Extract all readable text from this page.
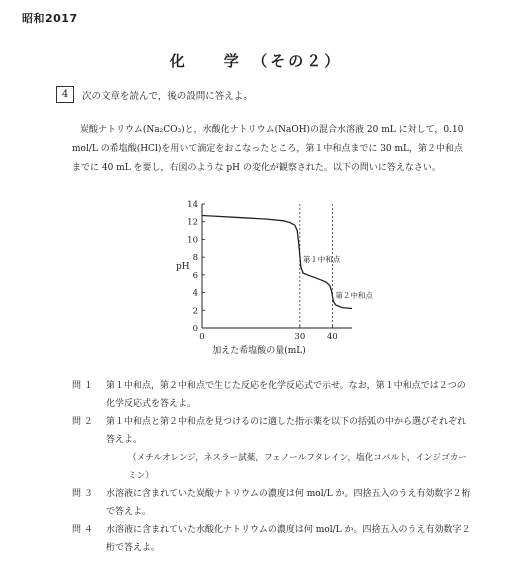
昭和2017
化　　学　（その２）
4	次の文章を読んで，後の設問に答えよ。

炭酸ナトリウム(Na₂CO₃)と，水酸化ナトリウム(NaOH)の混合水溶液 20 mL に対して，0.10 mol/L の希塩酸(HCl)を用いて滴定をおこなったところ，第１中和点までに 30 mL，第２中和点までに 40 mL を要し，右図のような pH の変化が観察された。以下の問いに答えなさい。

0
2
4
6
8
10
12
14
0	30	40
pH
加えた希塩酸の量(mL)
第１中和点
第２中和点
問 １	第１中和点，第２中和点で生じた反応を化学反応式で示せ。なお，第１中和点では２つの化学反応式を答えよ。
問 ２	第１中和点と第２中和点を見つけるのに適した指示薬を以下の括弧の中から選びそれぞれ答えよ。
（メチルオレンジ，ネスラー試薬，フェノールフタレイン，塩化コバルト，インジゴカーミン）
問 ３	水溶液に含まれていた炭酸ナトリウムの濃度は何 mol/L か。四捨五入のうえ有効数字２桁で答えよ。
問 ４	水溶液に含まれていた水酸化ナトリウムの濃度は何 mol/L か。四捨五入のうえ有効数字２桁で答えよ。
